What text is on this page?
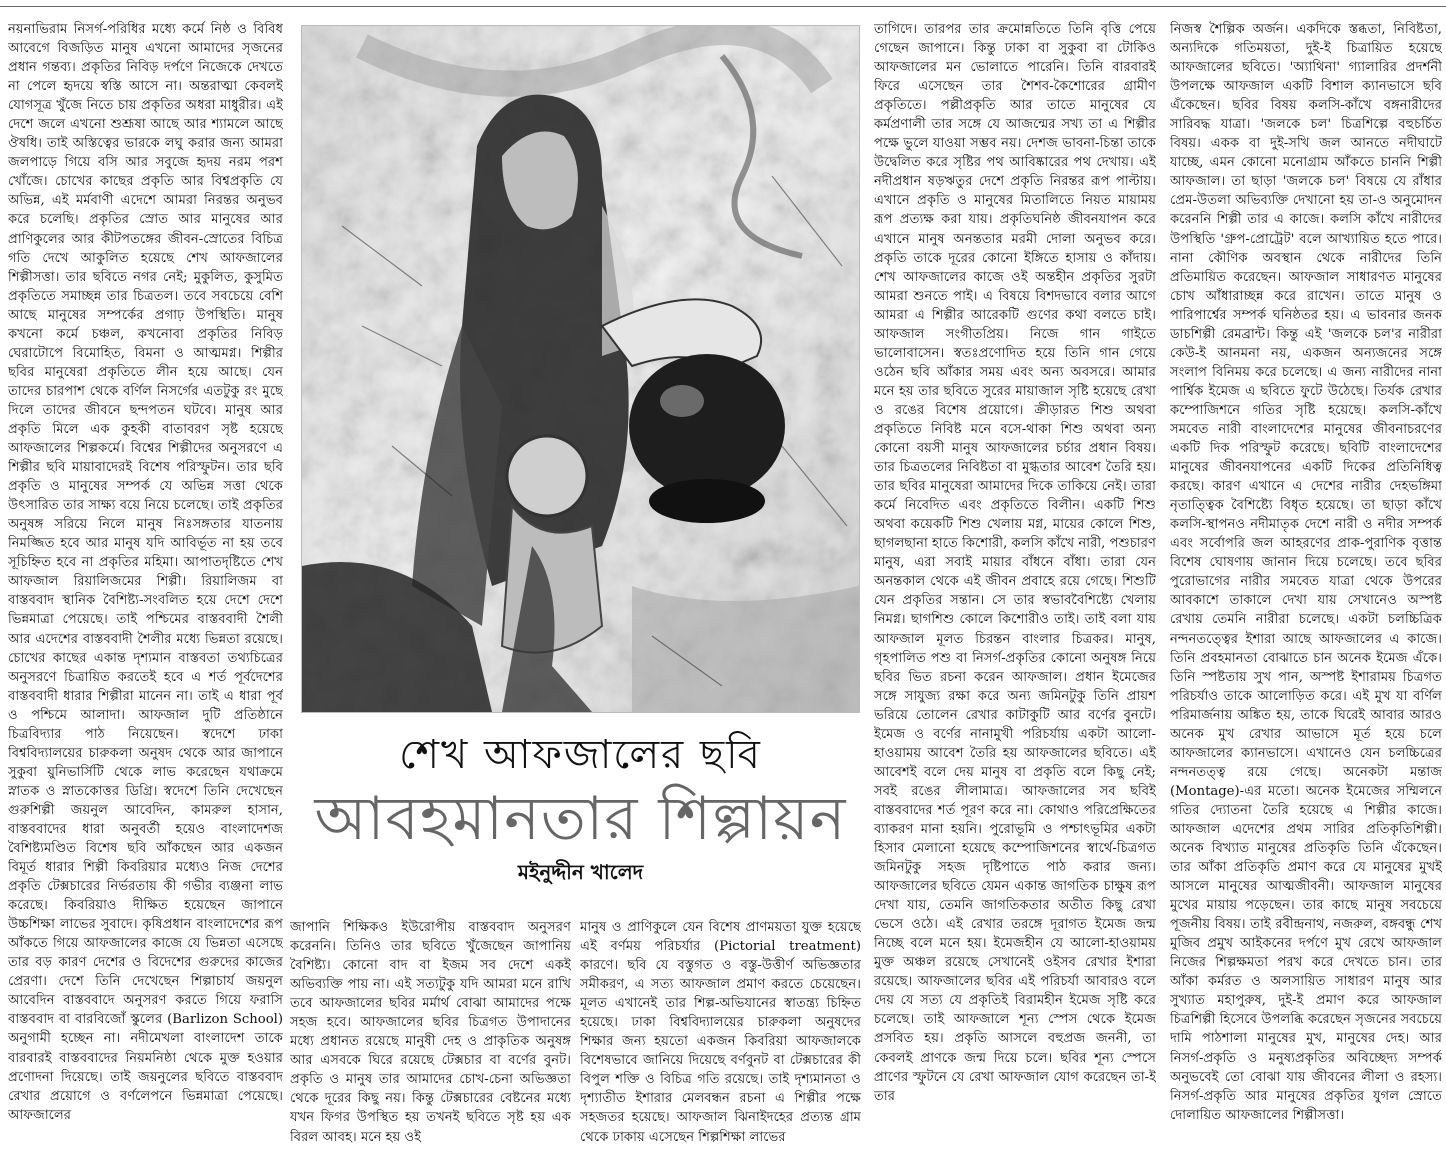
নয়নাভিরাম নিসর্গ-পরিধির মধ্যে কর্মে নিষ্ঠ ও বিবিধ আবেগে বিজড়িত মানুষ এখনো আমাদের সৃজনের প্রধান গন্তব্য। প্রকৃতির নিবিড় দর্পণে নিজেকে দেখতে না পেলে হৃদয়ে স্বস্তি আসে না। অন্তরাত্মা কেবলই যোগসূত্র খুঁজে নিতে চায় প্রকৃতির অধরা মাধুরীর। এই দেশে জলে এখনো শুশ্রূষা আছে আর শ্যামলে আছে ঔষধি। তাই অস্তিত্বের ভারকে লঘু করার জন্য আমরা জলপাড়ে গিয়ে বসি আর সবুজে হৃদয় নরম পরশ খোঁজে। চোখের কাছের প্রকৃতি আর বিশ্বপ্রকৃতি যে অভিন্ন, এই মর্মবাণী এদেশে আমরা নিরন্তর অনুভব করে চলেছি। প্রকৃতির স্রোত আর মানুষের আর প্রাণিকুলের আর কীটপতঙ্গের জীবন-স্রোতের বিচিত্র গতি দেখে আকুলিত হয়েছে শেখ আফজালের শিল্পীসত্তা। তার ছবিতে নগর নেই; মুকুলিত, কুসুমিত প্রকৃতিতে সমাচ্ছন্ন তার চিত্রতল। তবে সবচেয়ে বেশি আছে মানুষের সম্পর্কের প্রগাঢ় উপস্থিতি। মানুষ কখনো কর্মে চঞ্চল, কখনোবা প্রকৃতির নিবিড় ঘেরাটোপে বিমোহিত, বিমনা ও আত্মমগ্ন। শিল্পীর ছবির মানুষেরা প্রকৃতিতে লীন হয়ে আছে। যেন তাদের চারপাশ থেকে বর্ণিল নিসর্গের এতটুকু রং মুছে দিলে তাদের জীবনে ছন্দপতন ঘটবে। মানুষ আর প্রকৃতি মিলে এক কুহকী বাতাবরণ সৃষ্ট হয়েছে আফজালের শিল্পকর্মে। বিশ্বের শিল্পীদের অনুসরণে এ শিল্পীর ছবি মায়াবাদেরই বিশেষ পরিস্ফুটন। তার ছবি প্রকৃতি ও মানুষের সম্পর্ক যে অভিন্ন সত্তা থেকে উৎসারিত তার সাক্ষ্য বয়ে নিয়ে চলেছে। তাই প্রকৃতির অনুষঙ্গ সরিয়ে নিলে মানুষ নিঃসঙ্গতার যাতনায় নিমজ্জিত হবে আর মানুষ যদি আবির্ভূত না হয় তবে সূচিহ্নিত হবে না প্রকৃতির মহিমা। আপাতদৃষ্টিতে শেখ আফজাল রিয়ালিজমের শিল্পী। রিয়ালিজম বা বাস্তববাদ স্থানিক বৈশিষ্ট্য-সংবলিত হয়ে দেশে দেশে ভিন্নমাত্রা পেয়েছে। তাই পশ্চিমের বাস্তববাদী শৈলী আর এদেশের বাস্তববাদী শৈলীর মধ্যে ভিন্নতা রয়েছে। চোখের কাছের একান্ত দৃশ্যমান বাস্তবতা তথ্যচিত্রের অনুসরণে চিত্রায়িত করতেই হবে এ শর্ত পূর্বদেশের বাস্তববাদী ধারার শিল্পীরা মানেন না। তাই এ ধারা পূর্ব ও পশ্চিমে আলাদা। আফজাল দুটি প্রতিষ্ঠানে চিত্রবিদ্যার পাঠ নিয়েছেন। স্বদেশে ঢাকা বিশ্ববিদ্যালয়ের চারুকলা অনুষদ থেকে আর জাপানে সুকুবা য়ুনিভার্সিটি থেকে লাভ করেছেন যথাক্রমে স্নাতক ও স্নাতকোত্তর ডিগ্রি। স্বদেশে তিনি দেখেছেন গুরুশিল্পী জয়নুল আবেদিন, কামরুল হাসান, বাস্তববাদের ধারা অনুবর্তী হয়েও বাংলাদেশজ বৈশিষ্ট্যমণ্ডিত বিশেষ ছবি আঁকছেন আর একজন বিমূর্ত ধারার শিল্পী কিবরিয়ার মধ্যেও নিজ দেশের প্রকৃতি টেক্সচারের নির্ভরতায় কী গভীর ব্যঞ্জনা লাভ করেছে। কিবরিয়াও দীক্ষিত হয়েছেন জাপানে উচ্চশিক্ষা লাভের সুবাদে। কৃষিপ্রধান বাংলাদেশের রূপ আঁকতে গিয়ে আফজালের কাজে যে ভিন্নতা এসেছে তার বড় কারণ দেশের ও বিদেশের গুরুদের কাজের প্রেরণা। দেশে তিনি দেখেছেন শিল্পাচার্য জয়নুল আবেদিন বাস্তববাদে অনুসরণ করতে গিয়ে ফরাসি বাস্তববাদ বা বারবিজোঁ স্কুলের (Barlizon School) অনুগামী হচ্ছেন না। নদীমেখলা বাংলাদেশ তাকে বারবারই বাস্তববাদের নিয়মনিষ্ঠা থেকে মুক্ত হওয়ার প্রণোদনা দিয়েছে। তাই জয়নুলের ছবিতে বাস্তববাদ রেখার প্রয়োগে ও বর্ণলেপনে ভিন্নমাত্রা পেয়েছে। আফজালের

শেখ আফজালের ছবি
আবহমানতার শিল্পায়ন
মইনুদ্দীন খালেদ

জাপানি শিক্ষিকও ইউরোপীয় বাস্তববাদ অনুসরণ করেননি। তিনিও তার ছবিতে খুঁজেছেন জাপানিয় বৈশিষ্ট্য। কোনো বাদ বা ইজম সব দেশে একই অভিব্যক্তি পায় না। এই সত্যটুকু যদি আমরা মনে রাখি তবে আফজালের ছবির মর্মার্থ বোঝা আমাদের পক্ষে সহজ হবে। আফজালের ছবির চিত্রগত উপাদানের মধ্যে প্রধানত রয়েছে মানুষী দেহ ও প্রাকৃতিক অনুষঙ্গ আর এসবকে ঘিরে রয়েছে টেক্সচার বা বর্ণের বুনট। প্রকৃতি ও মানুষ তার আমাদের চোখ-চেনা অভিজ্ঞতা থেকে দূরের কিছু নয়। কিন্তু টেক্সচারের বেষ্টনের মধ্যে যখন ফিগর উপস্থিত হয় তখনই ছবিতে সৃষ্ট হয় এক বিরল আবহ। মনে হয় ওই

মানুষ ও প্রাণিকুলে যেন বিশেষ প্রাণময়তা যুক্ত হয়েছে এই বর্ণময় পরিচর্যার (Pictorial treatment) কারণে। ছবি যে বস্তুগত ও বস্তু-উত্তীর্ণ অভিজ্ঞতার সমীকরণ, এ সত্য আফজাল প্রমাণ করতে চেয়েছেন। মূলত এখানেই তার শিল্প-অভিযানের স্বাতন্ত্র্য চিহ্নিত হয়েছে। ঢাকা বিশ্ববিদ্যালয়ের চারুকলা অনুষদের শিক্ষার জন্য হয়তো একজন কিবরিয়া আফজালকে বিশেষভাবে জানিয়ে দিয়েছে বর্ণবুনট বা টেক্সচারের কী বিপুল শক্তি ও বিচিত্র গতি রয়েছে। তাই দৃশ্যমানতা ও দৃশ্যাতীত ইশারার মেলবন্ধন রচনা এ শিল্পীর পক্ষে সহজতর হয়েছে। আফজাল ঝিনাইদহের প্রত্যন্ত গ্রাম থেকে ঢাকায় এসেছেন শিল্পশিক্ষা লাভের

তাগিদে। তারপর তার ক্রমোন্নতিতে তিনি বৃত্তি পেয়ে গেছেন জাপানে। কিন্তু ঢাকা বা সুকুবা বা টোকিও আফজালের মন ভোলাতে পারেনি। তিনি বারবারই ফিরে এসেছেন তার শৈশব-কৈশোরের গ্রামীণ প্রকৃতিতে। পল্লীপ্রকৃতি আর তাতে মানুষের যে কর্মপ্রণালী তার সঙ্গে যে আজন্মের সখ্য তা এ শিল্পীর পক্ষে ভুলে যাওয়া সম্ভব নয়। দেশজ ভাবনা-চিন্তা তাকে উদ্বেলিত করে সৃষ্টির পথ আবিষ্কারের পথ দেখায়। এই নদীপ্রধান ষড়ঋতুর দেশে প্রকৃতি নিরন্তর রূপ পাল্টায়। এখানে প্রকৃতি ও মানুষের মিতালিতে নিয়ত মায়াময় রূপ প্রত্যক্ষ করা যায়। প্রকৃতিঘনিষ্ঠ জীবনযাপন করে এখানে মানুষ অনন্ততার মরমী দোলা অনুভব করে। প্রকৃতি তাকে দূরের কোনো ইঙ্গিতে হাসায় ও কাঁদায়। শেখ আফজালের কাজে ওই অন্তহীন প্রকৃতির সুরটা আমরা শুনতে পাই। এ বিষয়ে বিশদভাবে বলার আগে আমরা এ শিল্পীর আরেকটি গুণের কথা বলতে চাই। আফজাল সংগীতপ্রিয়। নিজে গান গাইতে ভালোবাসেন। স্বতঃপ্রণোদিত হয়ে তিনি গান গেয়ে ওঠেন ছবি আঁকার সময় এবং অন্য অবসরে। আমার মনে হয় তার ছবিতে সুরের মায়াজাল সৃষ্টি হয়েছে রেখা ও রঙের বিশেষ প্রয়োগে। ক্রীড়ারত শিশু অথবা প্রকৃতিতে নিবিষ্ট মনে বসে-থাকা শিশু অথবা অন্য কোনো বয়সী মানুষ আফজালের চর্চার প্রধান বিষয়। তার চিত্রতলের নিবিষ্টতা বা মুগ্ধতার আবেশ তৈরি হয়। তার ছবির মানুষেরা আমাদের দিকে তাকিয়ে নেই। তারা কর্মে নিবেদিত এবং প্রকৃতিতে বিলীন। একটি শিশু অথবা কয়েকটি শিশু খেলায় মগ্ন, মায়ের কোলে শিশু, ছাগলছানা হাতে কিশোরী, কলসি কাঁখে নারী, পশুচারণ মানুষ, এরা সবাই মায়ার বাঁধনে বাঁধা। তারা যেন অনন্তকাল থেকে এই জীবন প্রবাহে রয়ে গেছে। শিশুটি যেন প্রকৃতির সন্তান। সে তার স্বভাববৈশিষ্ট্যে খেলায় নিমগ্ন। ছাগশিশু কোলে কিশোরীও তাই। তাই বলা যায় আফজাল মূলত চিরন্তন বাংলার চিত্রকর। মানুষ, গৃহপালিত পশু বা নিসর্গ-প্রকৃতির কোনো অনুষঙ্গ নিয়ে ছবির ভিত রচনা করেন আফজাল। প্রধান ইমেজের সঙ্গে সাযুজ্য রক্ষা করে অন্য জমিনটুকু তিনি প্রায়শ ভরিয়ে তোলেন রেখার কাটাকুটি আর বর্ণের বুনটে। ইমেজ ও বর্ণের নানামুখী পরিচর্যায় একটা আলো-হাওয়াময় আবেশ তৈরি হয় আফজালের ছবিতে। এই আবেশই বলে দেয় মানুষ বা প্রকৃতি বলে কিছু নেই; সবই রঙের লীলামাত্র। আফজালের সব ছবিই বাস্তববাদের শর্ত পূরণ করে না। কোথাও পরিপ্রেক্ষিতের ব্যাকরণ মানা হয়নি। পুরোভূমি ও পশ্চাৎভূমির একটা হিসাব মেলানো হয়েছে কম্পোজিশনের স্বার্থে-চিত্রগত জমিনটুকু সহজ দৃষ্টিপাতে পাঠ করার জন্য। আফজালের ছবিতে যেমন একান্ত জাগতিক চাক্ষুষ রূপ দেখা যায়, তেমনি জাগতিকতার অতীত কিছু রেখা ভেসে ওঠে। এই রেখার তরঙ্গে দূরাগত ইমেজ জন্ম নিচ্ছে বলে মনে হয়। ইমেজহীন যে আলো-হাওয়াময় মুক্ত অঞ্চল রয়েছে সেখানেই ওইসব রেখার ইশারা রয়েছে। আফজালের ছবির এই পরিচর্যা আবারও বলে দেয় যে সত্য যে প্রকৃতিই বিরামহীন ইমেজ সৃষ্টি করে চলেছে। তাই আফজালে শূন্য স্পেস থেকে ইমেজ প্রসবিত হয়। প্রকৃতি আসলে বহুপ্রজ জননী, তা কেবলই প্রাণকে জন্ম দিয়ে চলে। ছবির শূন্য স্পেসে প্রাণের স্ফুটনে যে রেখা আফজাল যোগ করেছেন তা-ই তার

নিজস্ব শৈল্পিক অর্জন। একদিকে স্তব্ধতা, নিবিষ্টতা, অন্যদিকে গতিময়তা, দুই-ই চিত্রায়িত হয়েছে আফজালের ছবিতে। 'অ্যাথিনা' গ্যালারির প্রদর্শনী উপলক্ষে আফজাল একটি বিশাল ক্যানভাসে ছবি এঁকেছেন। ছবির বিষয় কলসি-কাঁখে বঙ্গনারীদের সারিবদ্ধ যাত্রা। 'জলকে চল' চিত্রশিল্পে বহুচর্চিত বিষয়। একক বা দুই-সখি জল আনতে নদীঘাটে যাচ্ছে, এমন কোনো মনোগ্রাম আঁকতে চাননি শিল্পী আফজাল। তা ছাড়া 'জলকে চল' বিষয়ে যে রাঁধার প্রেম-উতলা অভিব্যক্তি দেখানো হয় তা-ও অনুমোদন করেননি শিল্পী তার এ কাজে। কলসি কাঁখে নারীদের উপস্থিতি 'গ্রুপ-প্রোট্রেট' বলে আখ্যায়িত হতে পারে। নানা কৌণিক অবস্থান থেকে নারীদের তিনি প্রতিমায়িত করেছেন। আফজাল সাধারণত মানুষের চোখ আঁধারাচ্ছন্ন করে রাখেন। তাতে মানুষ ও পারিপার্শ্বের সম্পর্ক ঘনিষ্ঠতর হয়। এ ভাবনার জনক ডাচশিল্পী রেমব্রান্ট। কিন্তু এই 'জলকে চল'র নারীরা কেউ-ই আনমনা নয়, একজন অন্যজনের সঙ্গে সংলাপ বিনিময় করে চলেছে। এ জন্য নারীদের নানা পার্শ্বিক ইমেজ এ ছবিতে ফুটে উঠেছে। তির্যক রেখার কম্পোজিশনে গতির সৃষ্টি হয়েছে। কলসি-কাঁখে সমবেত নারী বাংলাদেশের মানুষের জীবনাচরণের একটি দিক পরিস্ফুট করেছে। ছবিটি বাংলাদেশের মানুষের জীবনযাপনের একটি দিকের প্রতিনিধিত্ব করছে। কারণ এখানে এ দেশের নারীর দেহভঙ্গিমা নৃতাত্ত্বিক বৈশিষ্ট্যে বিধৃত হয়েছে। তা ছাড়া কাঁখে কলসি-স্থাপনও নদীমাতৃক দেশে নারী ও নদীর সম্পর্ক এবং সর্বোপরি জল আহরণের প্রাক-পুরাণিক বৃত্তান্ত বিশেষ ঘোষণায় জানান দিয়ে চলেছে। তবে ছবির পুরোভাগের নারীর সমবেত যাত্রা থেকে উপরের আবকাশে তাকালে দেখা যায় সেখানেও অস্পষ্ট রেখায় তেমনি নারীরা চলেছে। একটা চলচ্চিত্রিক নন্দনতত্ত্বের ইশারা আছে আফজালের এ কাজে। তিনি প্রবহমানতা বোঝাতে চান অনেক ইমেজ এঁকে। তিনি স্পষ্টতায় সুখ পান, অস্পষ্ট ইশারাময় চিত্রগত পরিচর্যাও তাকে আলোড়িত করে। এই মুখ যা বর্ণিল পরিমার্জনায় অঙ্কিত হয়, তাকে ঘিরেই আবার আরও অনেক মুখ রেখার আভাসে মূর্ত হয়ে চলে আফজালের ক্যানভাসে। এখানেও যেন চলচ্চিত্রের নন্দনতত্ত্ব রয়ে গেছে। অনেকটা মন্তাজ (Montage)-এর মতো। অনেক ইমেজের সম্মিলনে গতির দ্যোতনা তৈরি হয়েছে এ শিল্পীর কাজে। আফজাল এদেশের প্রথম সারির প্রতিকৃতিশিল্পী। অনেক বিখ্যাত মানুষের প্রতিকৃতি তিনি এঁকেছেন। তার আঁকা প্রতিকৃতি প্রমাণ করে যে মানুষের মুখই আসলে মানুষের আত্মজীবনী। আফজাল মানুষের মুখের মায়ায় পড়েছেন। তার কাছে মানুষ সবচেয়ে পূজনীয় বিষয়। তাই রবীন্দ্রনাথ, নজরুল, বঙ্গবন্ধু শেখ মুজিব প্রমুখ আইকনের দর্পণে মুখ রেখে আফজাল নিজের শিল্পক্ষমতা পরখ করে দেখতে চান। তার আঁকা কর্মরত ও অলসায়িত সাধারণ মানুষ আর সুখ্যাত মহাপুরুষ, দুই-ই প্রমাণ করে আফজাল চিত্রশিল্পী হিসেবে উপলব্ধি করেছেন সৃজনের সবচেয়ে দামি পাঠশালা মানুষের মুখ, মানুষের দেহ। আর নিসর্গ-প্রকৃতি ও মনুষ্যপ্রকৃতির অবিচ্ছেদ্য সম্পর্ক অনুভবেই তো বোঝা যায় জীবনের লীলা ও রহস্য। নিসর্গ-প্রকৃতি আর মানুষের প্রকৃতির যুগল স্রোতে দোলায়িত আফজালের শিল্পীসত্তা।
